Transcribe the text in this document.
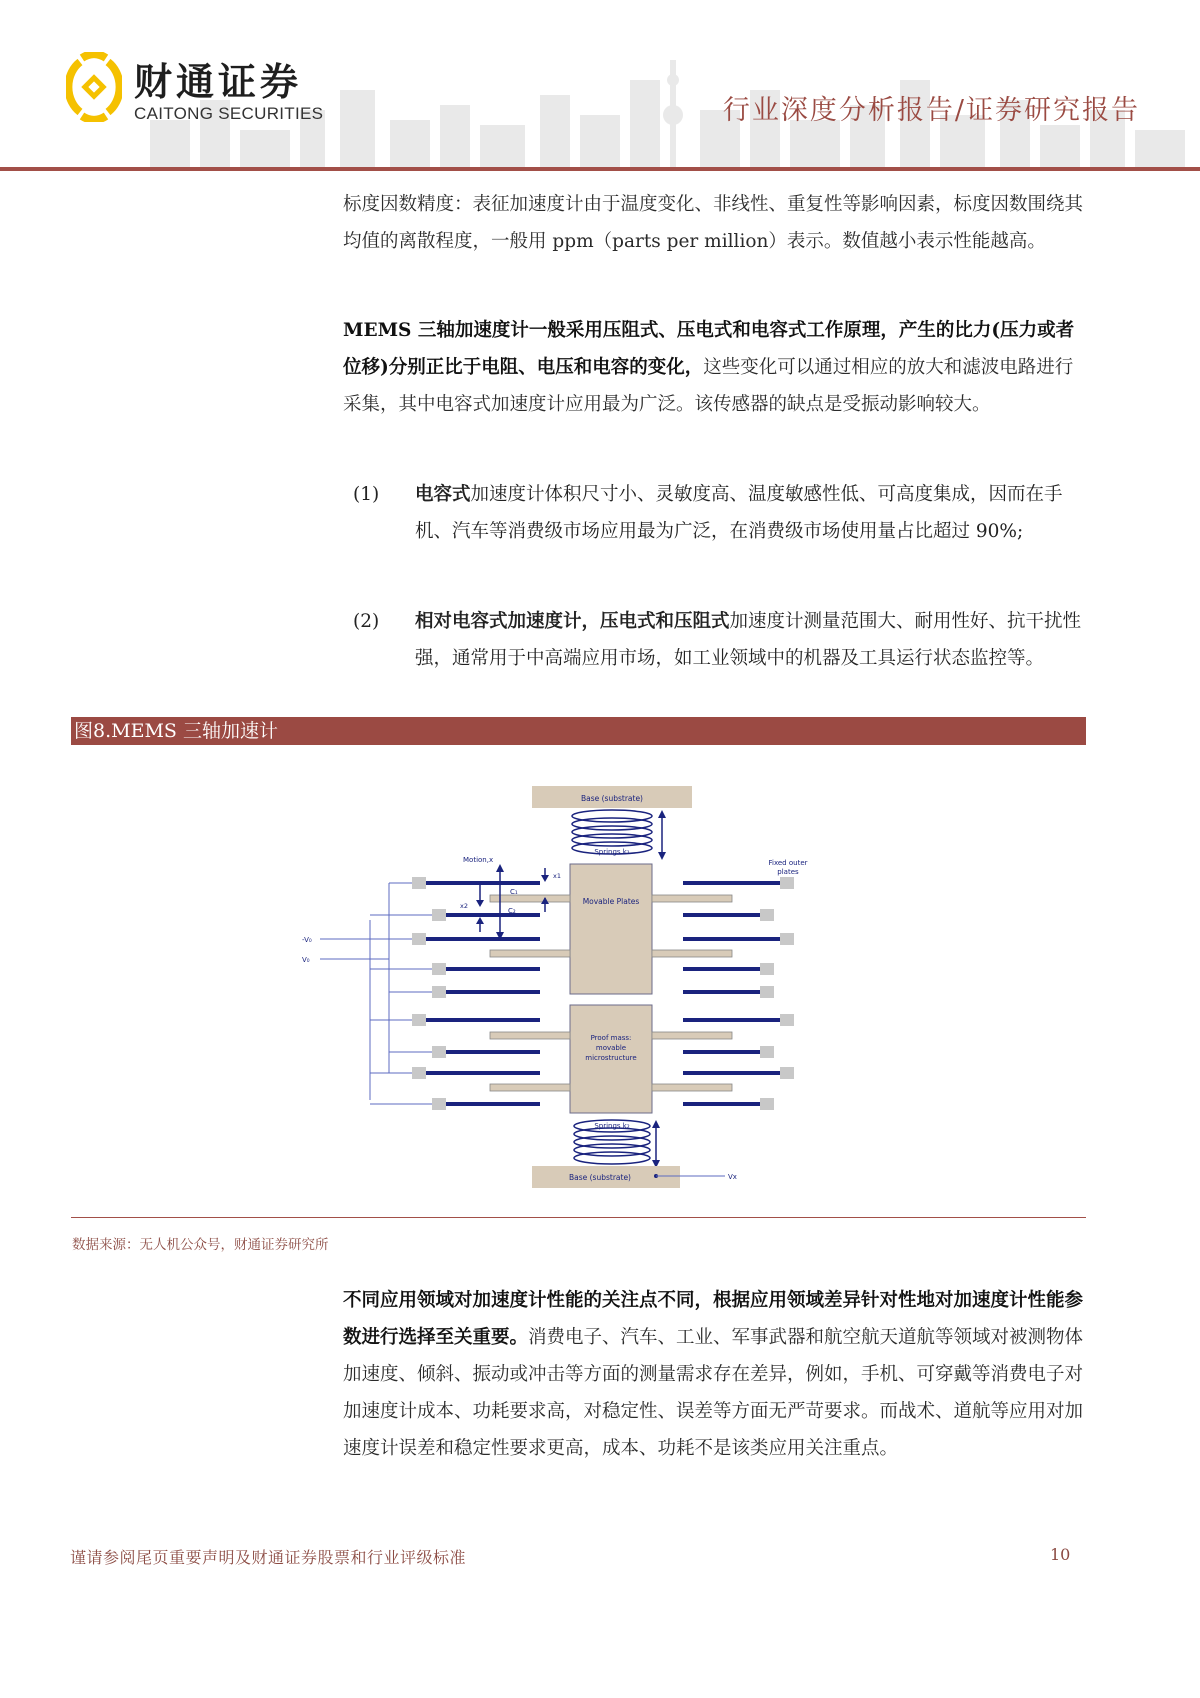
财通证券
CAITONG SECURITIES	行业深度分析报告/证券研究报告
标度因数精度：表征加速度计由于温度变化、非线性、重复性等影响因素，标度因数围绕其均值的离散程度，一般用 ppm（parts per million）表示。数值越小表示性能越高。
MEMS 三轴加速度计一般采用压阻式、压电式和电容式工作原理，产生的比力(压力或者位移)分别正比于电阻、电压和电容的变化，这些变化可以通过相应的放大和滤波电路进行采集，其中电容式加速度计应用最为广泛。该传感器的缺点是受振动影响较大。
(1) 电容式加速度计体积尺寸小、灵敏度高、温度敏感性低、可高度集成，因而在手机、汽车等消费级市场应用最为广泛，在消费级市场使用量占比超过 90%;
(2) 相对电容式加速度计，压电式和压阻式加速度计测量范围大、耐用性好、抗干扰性强，通常用于中高端应用市场，如工业领域中的机器及工具运行状态监控等。
图8.MEMS 三轴加速计
Base (substrate)
Springs k₁
Movable Plates
Proof mass:
movable
microstructure
Fixed outer
plates
-V₀
V₀
Motion,x
x1
x2
C₁
C₂
Springs k₂
Base (substrate)	Vx
数据来源：无人机公众号，财通证券研究所
不同应用领域对加速度计性能的关注点不同，根据应用领域差异针对性地对加速度计性能参数进行选择至关重要。消费电子、汽车、工业、军事武器和航空航天道航等领域对被测物体加速度、倾斜、振动或冲击等方面的测量需求存在差异，例如，手机、可穿戴等消费电子对加速度计成本、功耗要求高，对稳定性、误差等方面无严苛要求。而战术、道航等应用对加速度计误差和稳定性要求更高，成本、功耗不是该类应用关注重点。
谨请参阅尾页重要声明及财通证券股票和行业评级标准	10
